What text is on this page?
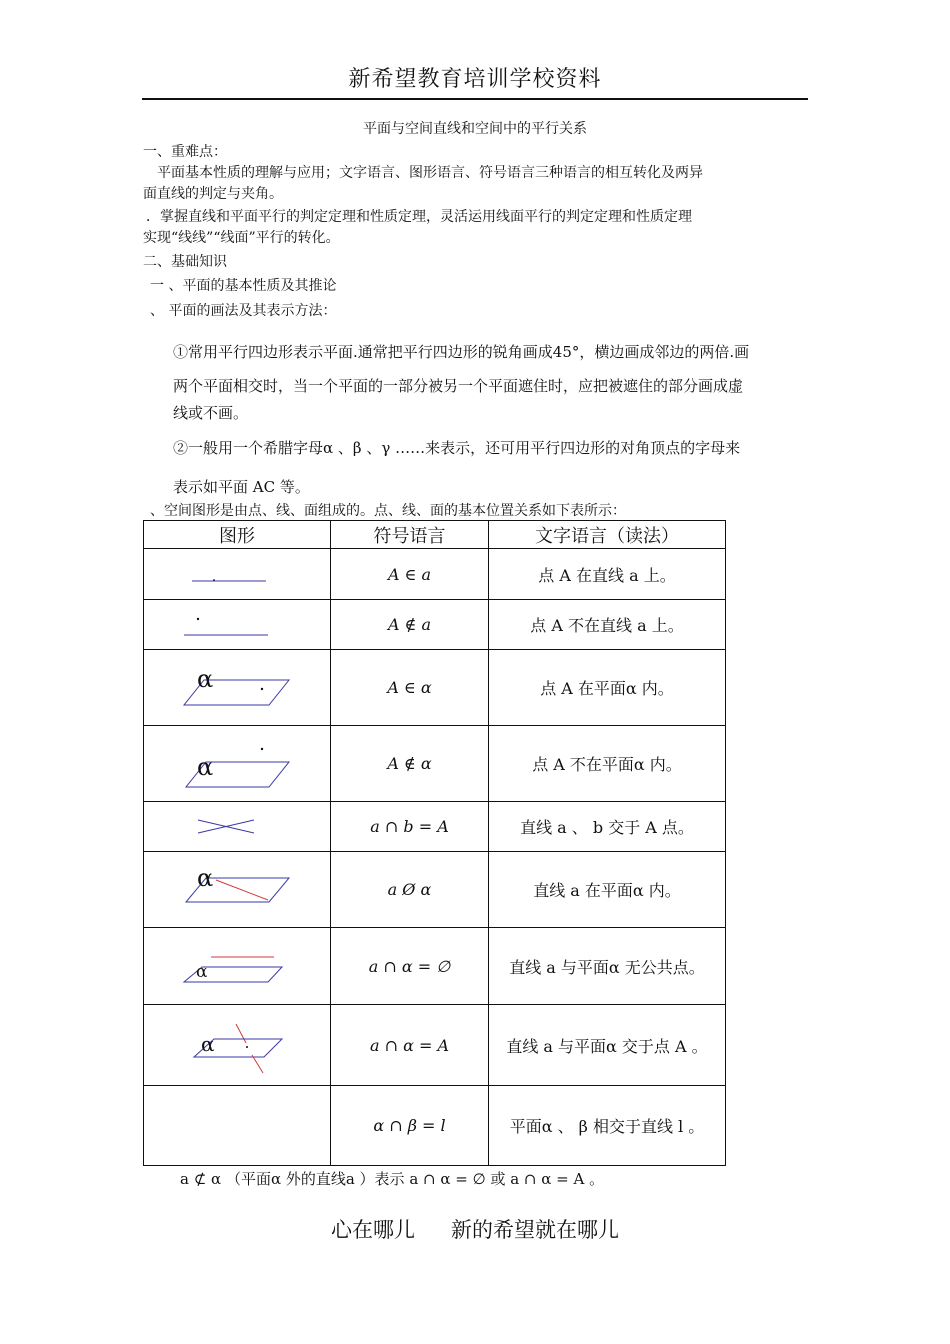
新希望教育培训学校资料
平面与空间直线和空间中的平行关系
一、重难点：
平面基本性质的理解与应用；文字语言、图形语言、符号语言三种语言的相互转化及两异
面直线的判定与夹角。
．掌握直线和平面平行的判定定理和性质定理，灵活运用线面平行的判定定理和性质定理
实现“线线”“线面”平行的转化。
二、基础知识
一 、平面的基本性质及其推论
、 平面的画法及其表示方法：
①常用平行四边形表示平面.通常把平行四边形的锐角画成45°，横边画成邻边的两倍.画
两个平面相交时，当一个平面的一部分被另一个平面遮住时，应把被遮住的部分画成虚
线或不画。
②一般用一个希腊字母α 、β 、γ ……来表示，还可用平行四边形的对角顶点的字母来
表示如平面 AC 等。
、空间图形是由点、线、面组成的。点、线、面的基本位置关系如下表所示：
图形	符号语言	文字语言（读法）

	A ∈ a	点 A 在直线 a 上。

	A ∉ a	点 A 不在直线 a 上。

α	A ∈ α	点 A 在平面α 内。

α	A ∉ α	点 A 不在平面α 内。

	a ∩ b = A	直线 a 、 b 交于 A 点。

α	a Ø α	直线 a 在平面α 内。

α	a ∩ α = ∅	直线 a 与平面α 无公共点。

α	a ∩ α = A	直线 a 与平面α 交于点 A 。
	α ∩ β = l	平面α 、 β 相交于直线 l 。
a ⊄ α （平面α 外的直线a ）表示 a ∩ α = ∅ 或 a ∩ α = A 。
心在哪儿 新的希望就在哪儿
